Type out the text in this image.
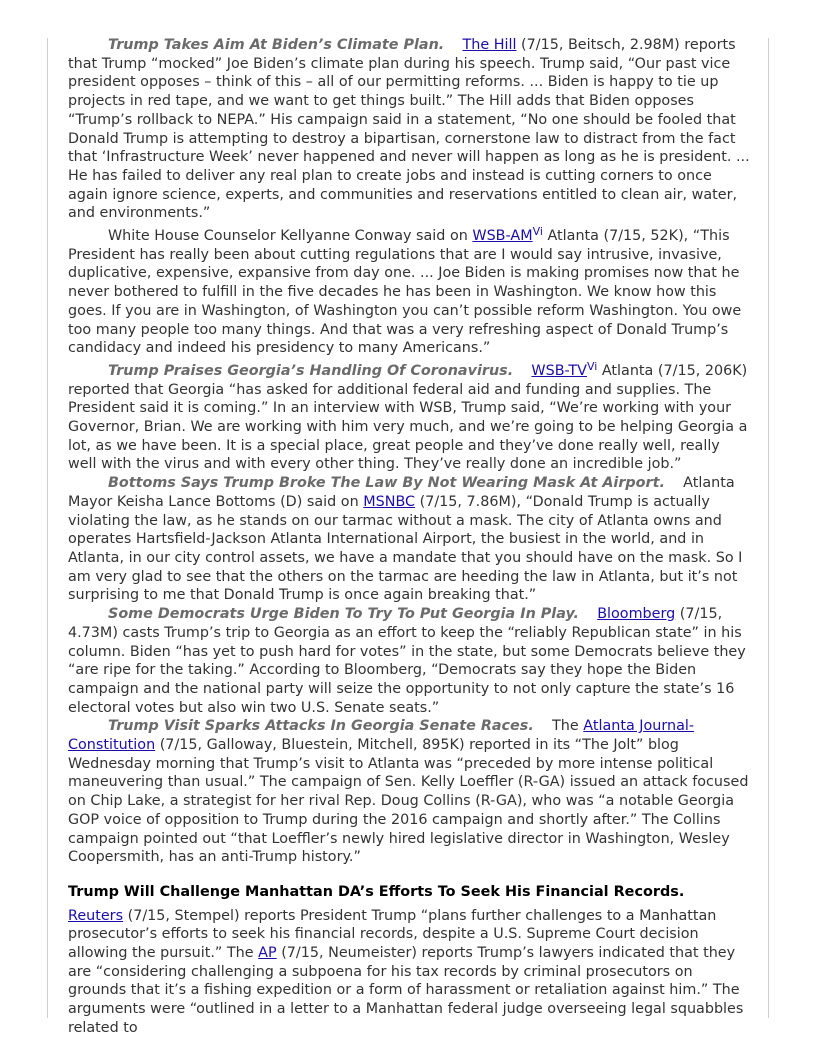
Trump Takes Aim At Biden’s Climate Plan. The Hill (7/15, Beitsch, 2.98M) reports that Trump “mocked” Joe Biden’s climate plan during his speech. Trump said, “Our past vice president opposes – think of this – all of our permitting reforms. ... Biden is happy to tie up projects in red tape, and we want to get things built.” The Hill adds that Biden opposes “Trump’s rollback to NEPA.” His campaign said in a statement, “No one should be fooled that Donald Trump is attempting to destroy a bipartisan, cornerstone law to distract from the fact that ‘Infrastructure Week’ never happened and never will happen as long as he is president. ... He has failed to deliver any real plan to create jobs and instead is cutting corners to once again ignore science, experts, and communities and reservations entitled to clean air, water, and environments.”

White House Counselor Kellyanne Conway said on WSB-AM$^{Vi}$ Atlanta (7/15, 52K), “This President has really been about cutting regulations that are I would say intrusive, invasive, duplicative, expensive, expansive from day one. ... Joe Biden is making promises now that he never bothered to fulfill in the five decades he has been in Washington. We know how this goes. If you are in Washington, of Washington you can’t possible reform Washington. You owe too many people too many things. And that was a very refreshing aspect of Donald Trump’s candidacy and indeed his presidency to many Americans.”

Trump Praises Georgia’s Handling Of Coronavirus. WSB-TV$^{Vi}$ Atlanta (7/15, 206K) reported that Georgia “has asked for additional federal aid and funding and supplies. The President said it is coming.” In an interview with WSB, Trump said, “We’re working with your Governor, Brian. We are working with him very much, and we’re going to be helping Georgia a lot, as we have been. It is a special place, great people and they’ve done really well, really well with the virus and with every other thing. They’ve really done an incredible job.”

Bottoms Says Trump Broke The Law By Not Wearing Mask At Airport. Atlanta Mayor Keisha Lance Bottoms (D) said on MSNBC (7/15, 7.86M), “Donald Trump is actually violating the law, as he stands on our tarmac without a mask. The city of Atlanta owns and operates Hartsfield-Jackson Atlanta International Airport, the busiest in the world, and in Atlanta, in our city control assets, we have a mandate that you should have on the mask. So I am very glad to see that the others on the tarmac are heeding the law in Atlanta, but it’s not surprising to me that Donald Trump is once again breaking that.”

Some Democrats Urge Biden To Try To Put Georgia In Play. Bloomberg (7/15, 4.73M) casts Trump’s trip to Georgia as an effort to keep the “reliably Republican state” in his column. Biden “has yet to push hard for votes” in the state, but some Democrats believe they “are ripe for the taking.” According to Bloomberg, “Democrats say they hope the Biden campaign and the national party will seize the opportunity to not only capture the state’s 16 electoral votes but also win two U.S. Senate seats.”

Trump Visit Sparks Attacks In Georgia Senate Races. The Atlanta Journal-Constitution (7/15, Galloway, Bluestein, Mitchell, 895K) reported in its “The Jolt” blog Wednesday morning that Trump’s visit to Atlanta was “preceded by more intense political maneuvering than usual.” The campaign of Sen. Kelly Loeffler (R-GA) issued an attack focused on Chip Lake, a strategist for her rival Rep. Doug Collins (R-GA), who was “a notable Georgia GOP voice of opposition to Trump during the 2016 campaign and shortly after.” The Collins campaign pointed out “that Loeffler’s newly hired legislative director in Washington, Wesley Coopersmith, has an anti-Trump history.”

Trump Will Challenge Manhattan DA’s Efforts To Seek His Financial Records.

Reuters (7/15, Stempel) reports President Trump “plans further challenges to a Manhattan prosecutor’s efforts to seek his financial records, despite a U.S. Supreme Court decision allowing the pursuit.” The AP (7/15, Neumeister) reports Trump’s lawyers indicated that they are “considering challenging a subpoena for his tax records by criminal prosecutors on grounds that it’s a fishing expedition or a form of harassment or retaliation against him.” The arguments were “outlined in a letter to a Manhattan federal judge overseeing legal squabbles related to
